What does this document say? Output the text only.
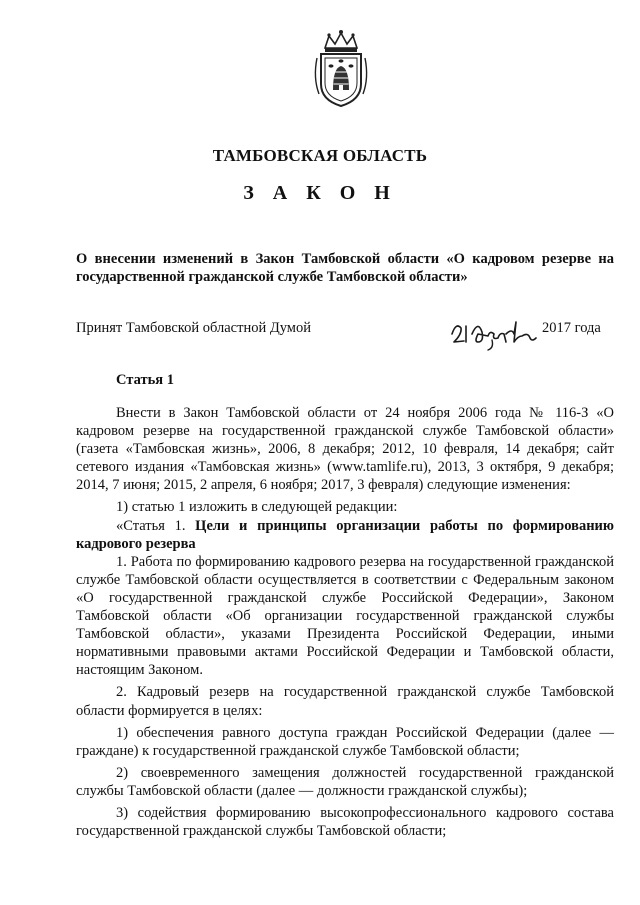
ТАМБОВСКАЯ ОБЛАСТЬ
З А К О Н
О внесении изменений в Закон Тамбовской области «О кадровом резерве на государственной гражданской службе Тамбовской области»
Принят Тамбовской областной Думой	2017 года
Статья 1

Внести в Закон Тамбовской области от 24 ноября 2006 года № 116-З «О кадровом резерве на государственной гражданской службе Тамбовской области» (газета «Тамбовская жизнь», 2006, 8 декабря; 2012, 10 февраля, 14 декабря; сайт сетевого издания «Тамбовская жизнь» (www.tamlife.ru), 2013, 3 октября, 9 декабря; 2014, 7 июня; 2015, 2 апреля, 6 ноября; 2017, 3 февраля) следующие изменения:

1) статью 1 изложить в следующей редакции:

«Статья 1. Цели и принципы организации работы по формированию кадрового резерва

1. Работа по формированию кадрового резерва на государственной гражданской службе Тамбовской области осуществляется в соответствии с Федеральным законом «О государственной гражданской службе Российской Федерации», Законом Тамбовской области «Об организации государственной гражданской службы Тамбовской области», указами Президента Российской Федерации, иными нормативными правовыми актами Российской Федерации и Тамбовской области, настоящим Законом.

2. Кадровый резерв на государственной гражданской службе Тамбовской области формируется в целях:

1) обеспечения равного доступа граждан Российской Федерации (далее — граждане) к государственной гражданской службе Тамбовской области;

2) своевременного замещения должностей государственной гражданской службы Тамбовской области (далее — должности гражданской службы);

3) содействия формированию высокопрофессионального кадрового состава государственной гражданской службы Тамбовской области;
